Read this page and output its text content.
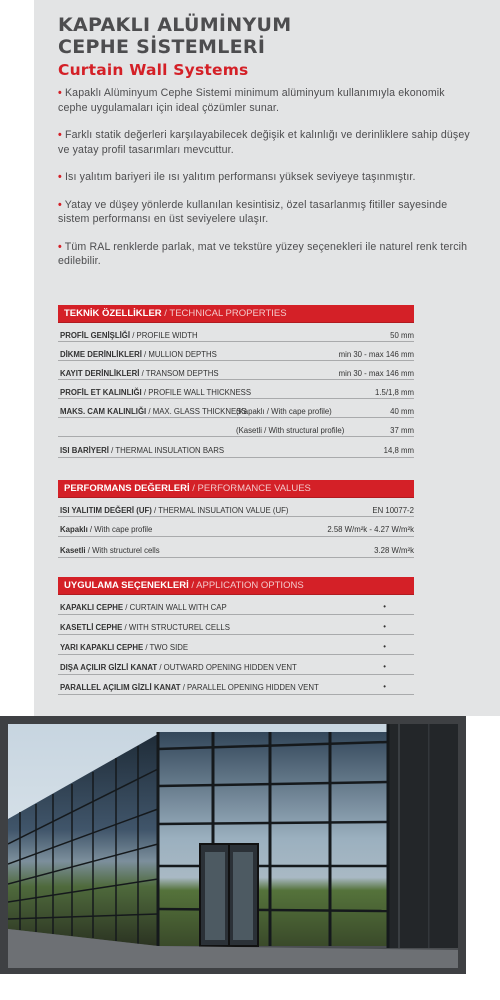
KAPAKLI ALÜMİNYUM
CEPHE SİSTEMLERİ
Curtain Wall Systems
• Kapaklı Alüminyum Cephe Sistemi minimum alüminyum kullanımıyla ekonomik cephe uygulamaları için ideal çözümler sunar.
• Farklı statik değerleri karşılayabilecek değişik et kalınlığı ve derinliklere sahip düşey ve yatay profil tasarımları mevcuttur.
• Isı yalıtım bariyeri ile ısı yalıtım performansı yüksek seviyeye taşınmıştır.
• Yatay ve düşey yönlerde kullanılan kesintisiz, özel tasarlanmış fitiller sayesinde sistem performansı en üst seviyelere ulaşır.
• Tüm RAL renklerde parlak, mat ve tekstüre yüzey seçenekleri ile naturel renk tercih edilebilir.
TEKNİK ÖZELLİKLER / TECHNICAL PROPERTIES
PROFİL GENİŞLİĞİ / PROFILE WIDTH	50 mm
DİKME DERİNLİKLERİ / MULLION DEPTHS	min 30 - max 146 mm
KAYIT DERİNLİKLERİ / TRANSOM DEPTHS	min 30 - max 146 mm
PROFİL ET KALINLIĞI / PROFILE WALL THICKNESS	1.5/1,8 mm
MAKS. CAM KALINLIĞI / MAX. GLASS THICKNESS
(Kapaklı / With cape profile)	40 mm
(Kasetli / With structural profile)	37 mm
ISI BARİYERİ / THERMAL INSULATION BARS	14,8 mm
PERFORMANS DEĞERLERİ / PERFORMANCE VALUES
ISI YALITIM DEĞERİ (UF) / THERMAL INSULATION VALUE (UF)	EN 10077-2
Kapaklı / With cape profile	2.58 W/m²k - 4.27 W/m²k
Kasetli / With structurel cells	3.28 W/m²k
UYGULAMA SEÇENEKLERİ / APPLICATION OPTIONS
KAPAKLI CEPHE / CURTAIN WALL WITH CAP	•
KASETLİ CEPHE / WITH STRUCTUREL CELLS	•
YARI KAPAKLI CEPHE / TWO SIDE	•
DIŞA AÇILIR GİZLİ KANAT / OUTWARD OPENING HIDDEN VENT	•
PARALLEL AÇILIM GİZLİ KANAT / PARALLEL OPENING HIDDEN VENT	•
